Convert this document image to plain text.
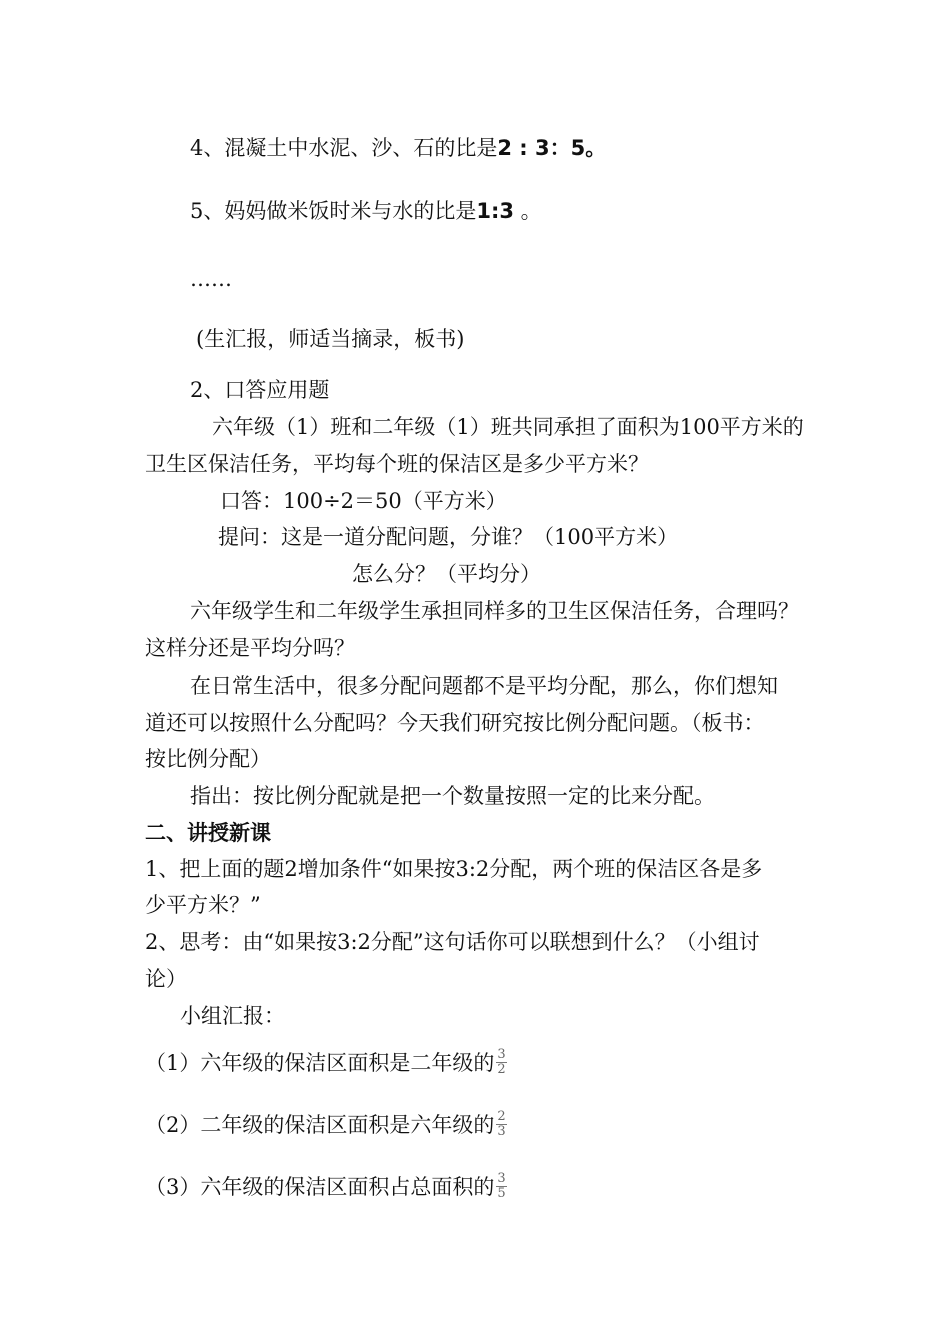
4、混凝土中水泥、沙、石的比是2 : 3：5。
5、妈妈做米饭时米与水的比是1:3 。
……
(生汇报，师适当摘录，板书)
2、口答应用题
六年级（1）班和二年级（1）班共同承担了面积为100平方米的
卫生区保洁任务，平均每个班的保洁区是多少平方米？
口答：100÷2＝50（平方米）
提问：这是一道分配问题，分谁？（100平方米）
怎么分？（平均分）
六年级学生和二年级学生承担同样多的卫生区保洁任务，合理吗？
这样分还是平均分吗？
在日常生活中，很多分配问题都不是平均分配，那么，你们想知
道还可以按照什么分配吗？今天我们研究按比例分配问题。（板书：
按比例分配）
指出：按比例分配就是把一个数量按照一定的比来分配。
二、讲授新课
1、把上面的题2增加条件“如果按3:2分配，两个班的保洁区各是多
少平方米？”
2、思考：由“如果按3:2分配”这句话你可以联想到什么？（小组讨
论）
小组汇报：
（1）六年级的保洁区面积是二年级的 $\frac{3}{2}$
（2）二年级的保洁区面积是六年级的 $\frac{2}{3}$
（3）六年级的保洁区面积占总面积的 $\frac{3}{5}$
